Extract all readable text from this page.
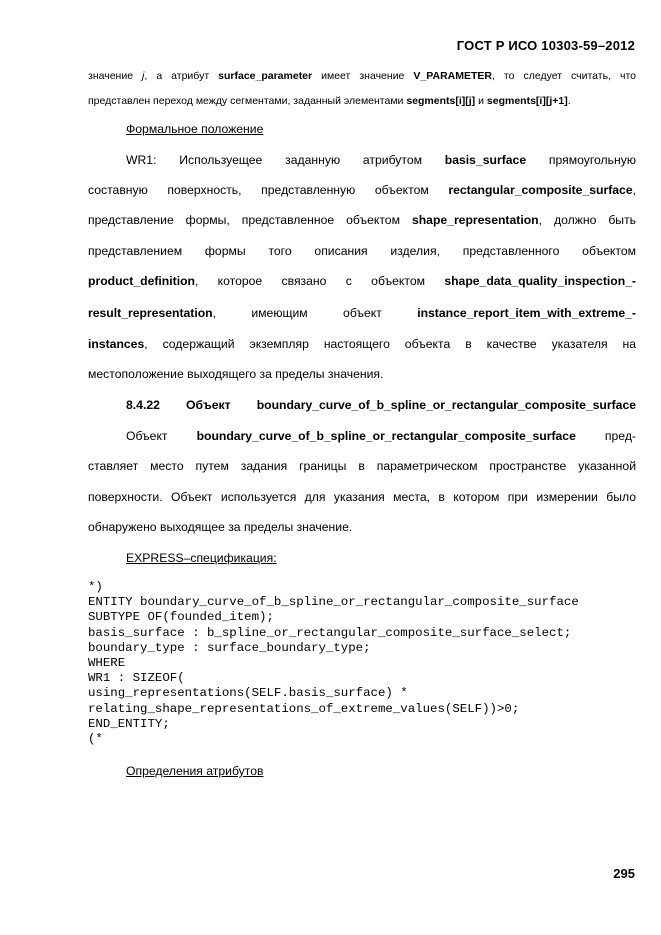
ГОСТ Р ИСО 10303-59–2012
значение j, а атрибут surface_parameter имеет значение V_PARAMETER, то следует считать, что
представлен переход между сегментами, заданный элементами segments[i][j] и segments[i][j+1].
Формальное положение
WR1: Используещее заданную атрибутом basis_surface прямоугольную
составную поверхность, представленную объектом rectangular_composite_surface,
представление формы, представленное объектом shape_representation, должно быть
представлением формы того описания изделия, представленного объектом
product_definition, которое связано с объектом shape_data_quality_inspection_-
result_representation, имеющим объект instance_report_item_with_extreme_-
instances, содержащий экземпляр настоящего объекта в качестве указателя на
местоположение выходящего за пределы значения.
8.4.22 Объект boundary_curve_of_b_spline_or_rectangular_composite_surface
Объект boundary_curve_of_b_spline_or_rectangular_composite_surface пред-
ставляет место путем задания границы в параметрическом пространстве указанной
поверхности. Объект используется для указания места, в котором при измерении было
обнаружено выходящее за пределы значение.
EXPRESS–спецификация:
*)
ENTITY boundary_curve_of_b_spline_or_rectangular_composite_surface
SUBTYPE OF(founded_item);
basis_surface : b_spline_or_rectangular_composite_surface_select;
boundary_type : surface_boundary_type;
WHERE
WR1 : SIZEOF(
using_representations(SELF.basis_surface) *
relating_shape_representations_of_extreme_values(SELF))>0;
END_ENTITY;
(*
Определения атрибутов
295
